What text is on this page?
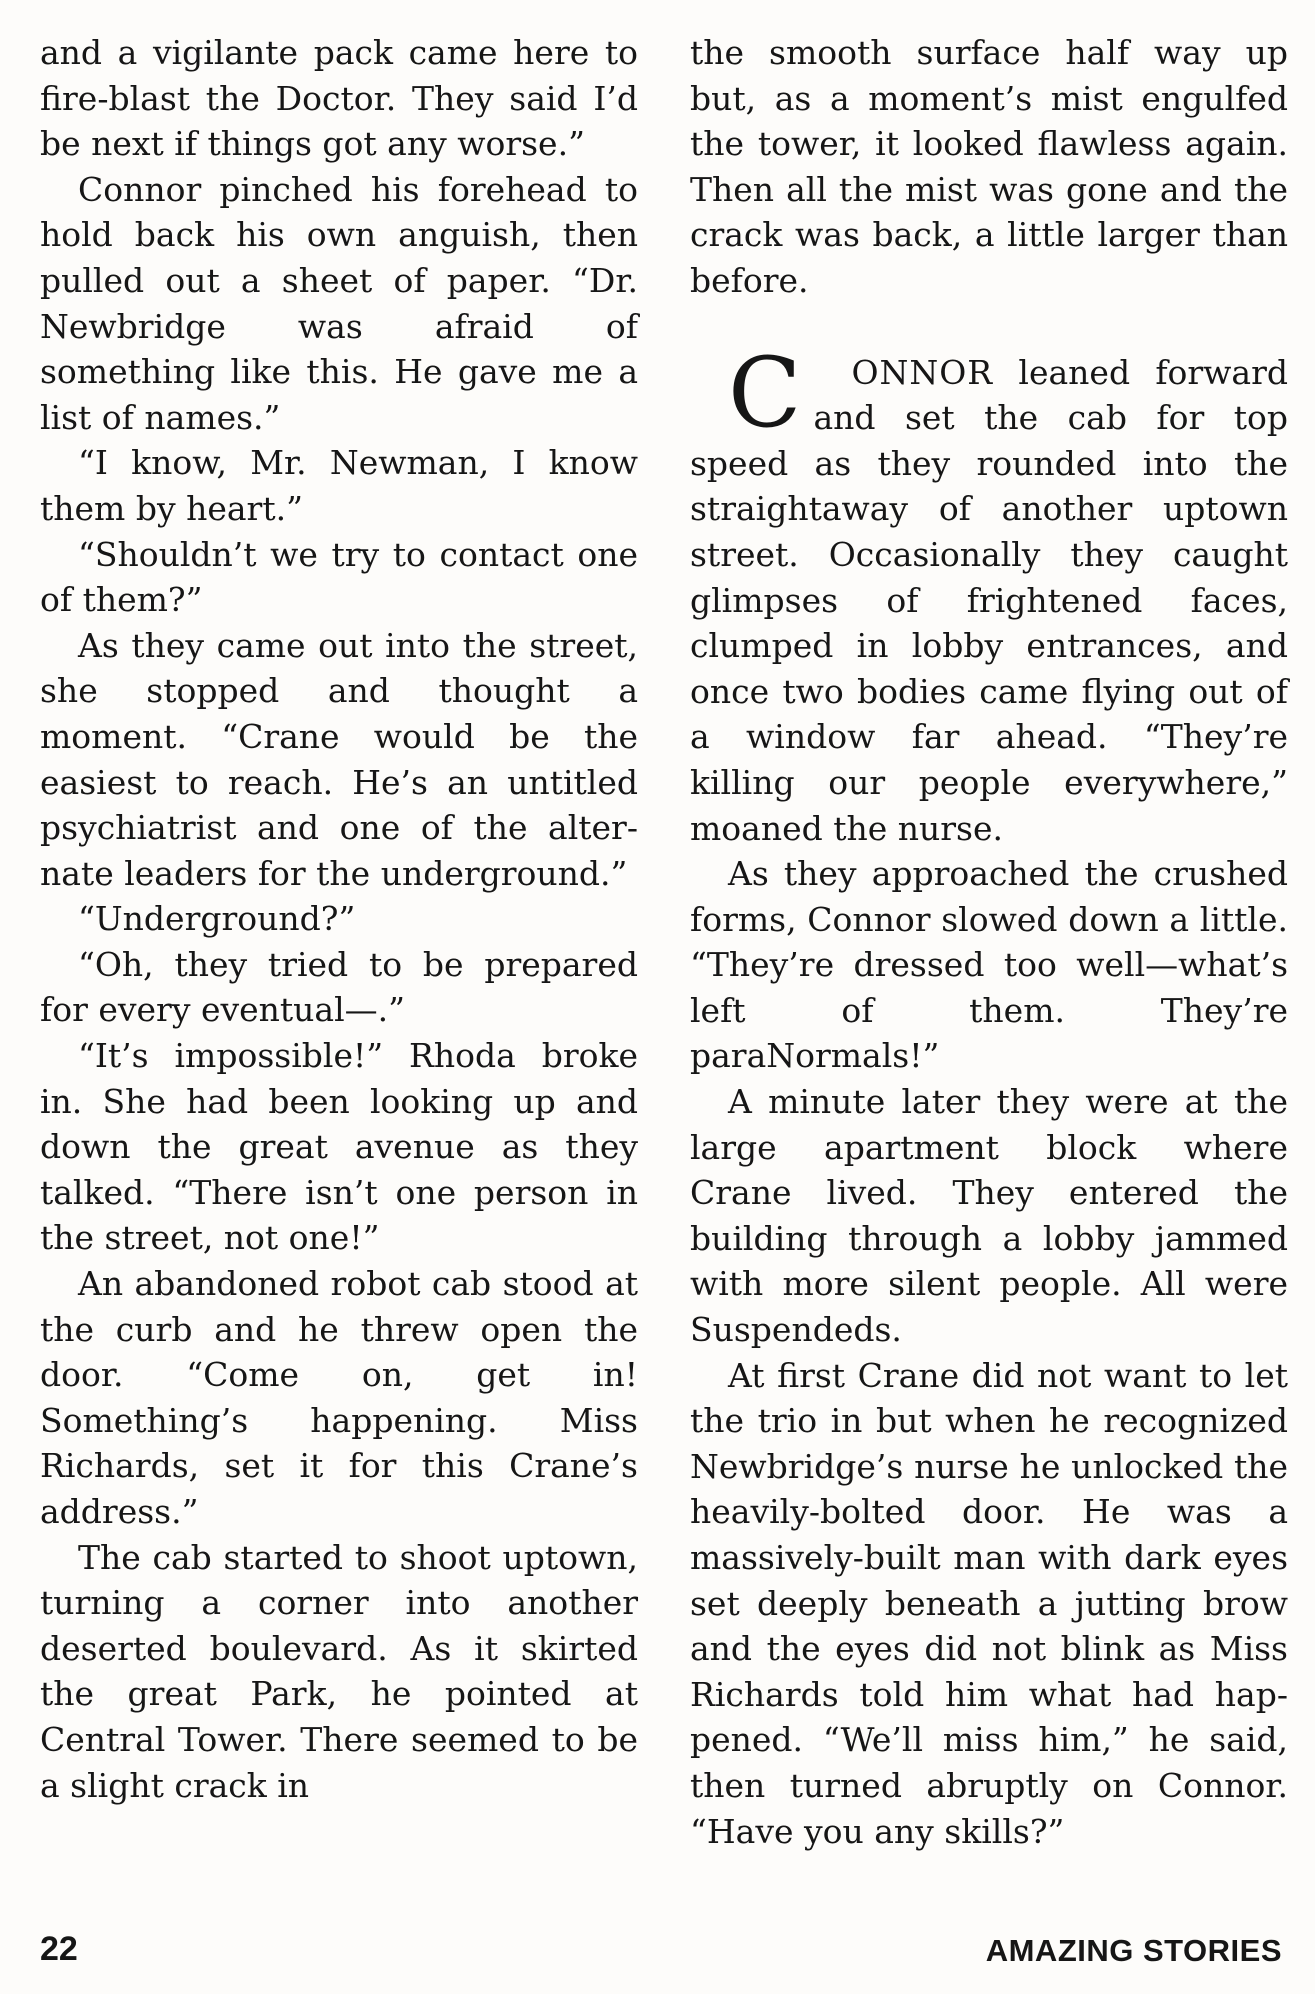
and a vigilante pack came here to fire-blast the Doctor. They said I’d be next if things got any worse.”

Connor pinched his forehead to hold back his own anguish, then pulled out a sheet of paper. “Dr. Newbridge was afraid of something like this. He gave me a list of names.”

“I know, Mr. Newman, I know them by heart.”

“Shouldn’t we try to contact one of them?”

As they came out into the street, she stopped and thought a moment. “Crane would be the easiest to reach. He’s an untitled psychiatrist and one of the alternate leaders for the underground.”

“Underground?”

“Oh, they tried to be prepared for every eventual—.”

“It’s impossible!” Rhoda broke in. She had been looking up and down the great avenue as they talked. “There isn’t one person in the street, not one!”

An abandoned robot cab stood at the curb and he threw open the door. “Come on, get in! Something’s happening. Miss Richards, set it for this Crane’s address.”

The cab started to shoot uptown, turning a corner into another deserted boulevard. As it skirted the great Park, he pointed at Central Tower. There seemed to be a slight crack in

the smooth surface half way up but, as a moment’s mist engulfed the tower, it looked flawless again. Then all the mist was gone and the crack was back, a little larger than before.

C ONNOR leaned forward and set the cab for top speed as they rounded into the straightaway of another uptown street. Occasionally they caught glimpses of frightened faces, clumped in lobby entrances, and once two bodies came flying out of a window far ahead. “They’re killing our people everywhere,” moaned the nurse.

As they approached the crushed forms, Connor slowed down a little. “They’re dressed too well—what’s left of them. They’re paraNormals!”

A minute later they were at the large apartment block where Crane lived. They entered the building through a lobby jammed with more silent people. All were Suspendeds.

At first Crane did not want to let the trio in but when he recognized Newbridge’s nurse he unlocked the heavily-bolted door. He was a massively-built man with dark eyes set deeply beneath a jutting brow and the eyes did not blink as Miss Richards told him what had happened. “We’ll miss him,” he said, then turned abruptly on Connor. “Have you any skills?”

22	AMAZING STORIES
